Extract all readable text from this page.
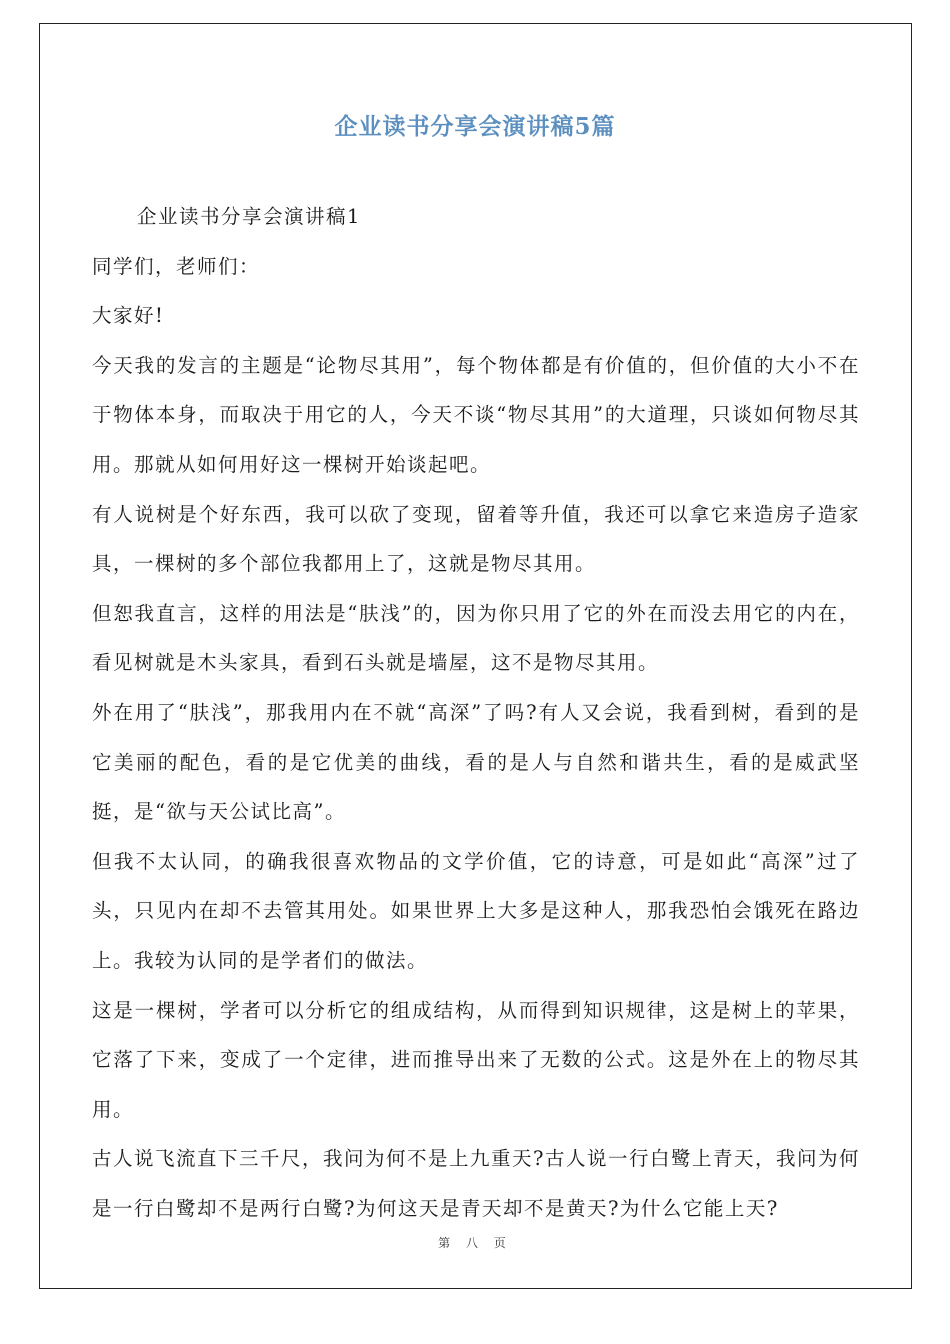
企业读书分享会演讲稿5篇

企业读书分享会演讲稿1

同学们，老师们：

大家好!

今天我的发言的主题是“论物尽其用”，每个物体都是有价值的，但价值的大小不在于物体本身，而取决于用它的人，今天不谈“物尽其用”的大道理，只谈如何物尽其用。那就从如何用好这一棵树开始谈起吧。

有人说树是个好东西，我可以砍了变现，留着等升值，我还可以拿它来造房子造家具，一棵树的多个部位我都用上了，这就是物尽其用。

但恕我直言，这样的用法是“肤浅”的，因为你只用了它的外在而没去用它的内在，看见树就是木头家具，看到石头就是墙屋，这不是物尽其用。

外在用了“肤浅”，那我用内在不就“高深”了吗?有人又会说，我看到树，看到的是它美丽的配色，看的是它优美的曲线，看的是人与自然和谐共生，看的是威武坚挺，是“欲与天公试比高”。

但我不太认同，的确我很喜欢物品的文学价值，它的诗意，可是如此“高深”过了头，只见内在却不去管其用处。如果世界上大多是这种人，那我恐怕会饿死在路边上。我较为认同的是学者们的做法。

这是一棵树，学者可以分析它的组成结构，从而得到知识规律，这是树上的苹果，它落了下来，变成了一个定律，进而推导出来了无数的公式。这是外在上的物尽其用。

古人说飞流直下三千尺，我问为何不是上九重天?古人说一行白鹭上青天，我问为何是一行白鹭却不是两行白鹭?为何这天是青天却不是黄天?为什么它能上天?

第 八 页
